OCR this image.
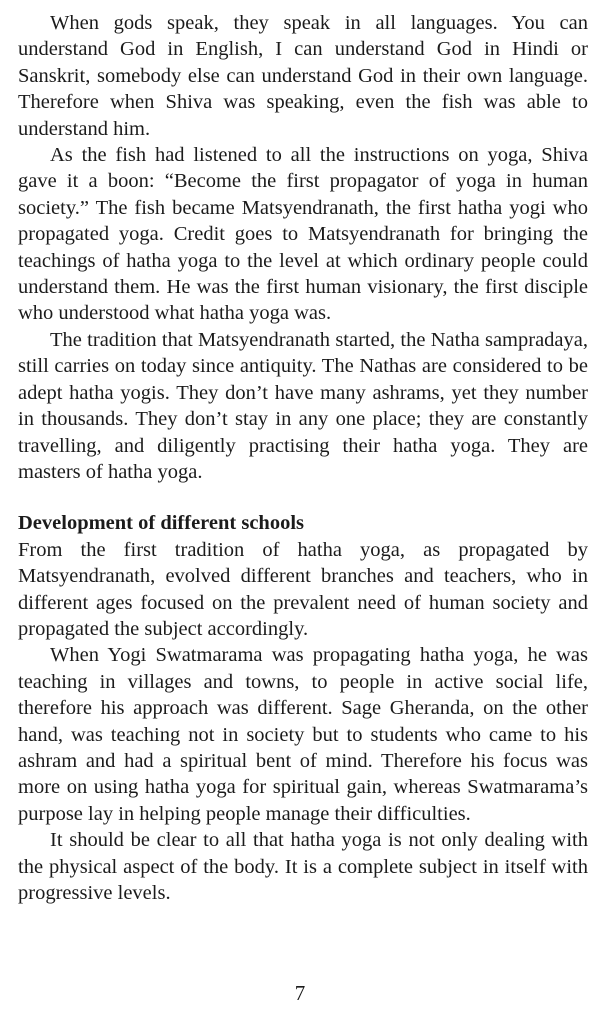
When gods speak, they speak in all languages. You can understand God in English, I can understand God in Hindi or Sanskrit, somebody else can understand God in their own language. Therefore when Shiva was speaking, even the fish was able to understand him.

As the fish had listened to all the instructions on yoga, Shiva gave it a boon: “Become the first propagator of yoga in human society.” The fish became Matsyendranath, the first hatha yogi who propagated yoga. Credit goes to Matsyendranath for bringing the teachings of hatha yoga to the level at which ordinary people could understand them. He was the first human visionary, the first disciple who understood what hatha yoga was.

The tradition that Matsyendranath started, the Natha sampradaya, still carries on today since antiquity. The Nathas are considered to be adept hatha yogis. They don’t have many ashrams, yet they number in thousands. They don’t stay in any one place; they are constantly travelling, and diligently practising their hatha yoga. They are masters of hatha yoga.

Development of different schools

From the first tradition of hatha yoga, as propagated by Matsyendranath, evolved different branches and teachers, who in different ages focused on the prevalent need of human society and propagated the subject accordingly.

When Yogi Swatmarama was propagating hatha yoga, he was teaching in villages and towns, to people in active social life, therefore his approach was different. Sage Gheranda, on the other hand, was teaching not in society but to students who came to his ashram and had a spiritual bent of mind. Therefore his focus was more on using hatha yoga for spiritual gain, whereas Swatmarama’s purpose lay in helping people manage their difficulties.

It should be clear to all that hatha yoga is not only dealing with the physical aspect of the body. It is a complete subject in itself with progressive levels.

7
